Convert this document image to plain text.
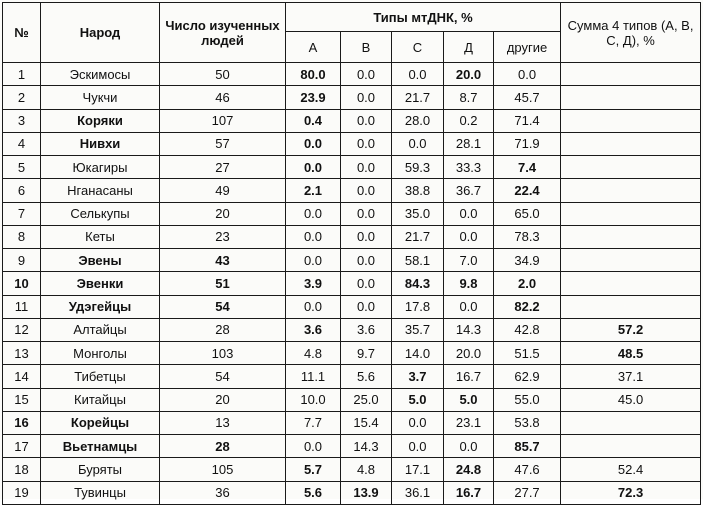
№	Народ	Число изученных людей	Типы мтДНК, %					Сумма 4 типов (А, В, С, Д), %
			А	В	С	Д	другие	
1	Эскимосы	50	80.0	0.0	0.0	20.0	0.0	
2	Чукчи	46	23.9	0.0	21.7	8.7	45.7	
3	Коряки	107	0.4	0.0	28.0	0.2	71.4	
4	Нивхи	57	0.0	0.0	0.0	28.1	71.9	
5	Юкагиры	27	0.0	0.0	59.3	33.3	7.4	
6	Нганасаны	49	2.1	0.0	38.8	36.7	22.4	
7	Селькупы	20	0.0	0.0	35.0	0.0	65.0	
8	Кеты	23	0.0	0.0	21.7	0.0	78.3	
9	Эвены	43	0.0	0.0	58.1	7.0	34.9	
10	Эвенки	51	3.9	0.0	84.3	9.8	2.0	
11	Удэгейцы	54	0.0	0.0	17.8	0.0	82.2	
12	Алтайцы	28	3.6	3.6	35.7	14.3	42.8	57.2
13	Монголы	103	4.8	9.7	14.0	20.0	51.5	48.5
14	Тибетцы	54	11.1	5.6	3.7	16.7	62.9	37.1
15	Китайцы	20	10.0	25.0	5.0	5.0	55.0	45.0
16	Корейцы	13	7.7	15.4	0.0	23.1	53.8	
17	Вьетнамцы	28	0.0	14.3	0.0	0.0	85.7	
18	Буряты	105	5.7	4.8	17.1	24.8	47.6	52.4
19	Тувинцы	36	5.6	13.9	36.1	16.7	27.7	72.3
